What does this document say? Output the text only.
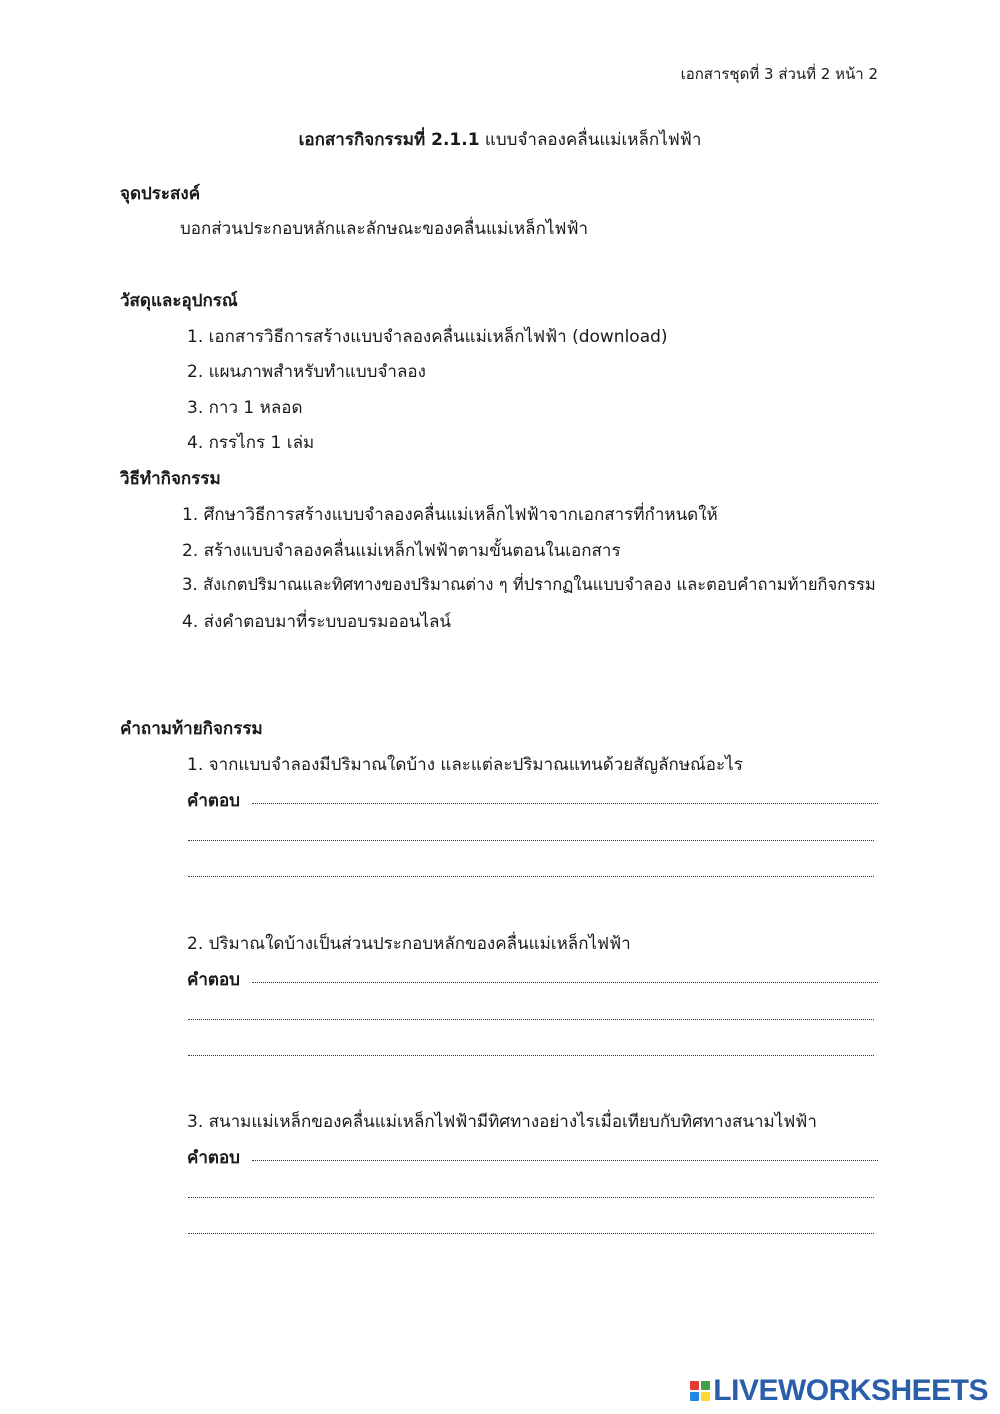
เอกสารชุดที่ 3 ส่วนที่ 2 หน้า 2
เอกสารกิจกรรมที่ 2.1.1 แบบจำลองคลื่นแม่เหล็กไฟฟ้า
จุดประสงค์
บอกส่วนประกอบหลักและลักษณะของคลื่นแม่เหล็กไฟฟ้า
วัสดุและอุปกรณ์
1. เอกสารวิธีการสร้างแบบจำลองคลื่นแม่เหล็กไฟฟ้า (download)
2. แผนภาพสำหรับทำแบบจำลอง
3. กาว 1 หลอด
4. กรรไกร 1 เล่ม
วิธีทำกิจกรรม
1. ศึกษาวิธีการสร้างแบบจำลองคลื่นแม่เหล็กไฟฟ้าจากเอกสารที่กำหนดให้
2. สร้างแบบจำลองคลื่นแม่เหล็กไฟฟ้าตามขั้นตอนในเอกสาร
3. สังเกตปริมาณและทิศทางของปริมาณต่าง ๆ ที่ปรากฏในแบบจำลอง และตอบคำถามท้ายกิจกรรม
4. ส่งคำตอบมาที่ระบบอบรมออนไลน์
คำถามท้ายกิจกรรม
1. จากแบบจำลองมีปริมาณใดบ้าง และแต่ละปริมาณแทนด้วยสัญลักษณ์อะไร
คำตอบ
2. ปริมาณใดบ้างเป็นส่วนประกอบหลักของคลื่นแม่เหล็กไฟฟ้า
คำตอบ
3. สนามแม่เหล็กของคลื่นแม่เหล็กไฟฟ้ามีทิศทางอย่างไรเมื่อเทียบกับทิศทางสนามไฟฟ้า
คำตอบ
LIVEWORKSHEETS
